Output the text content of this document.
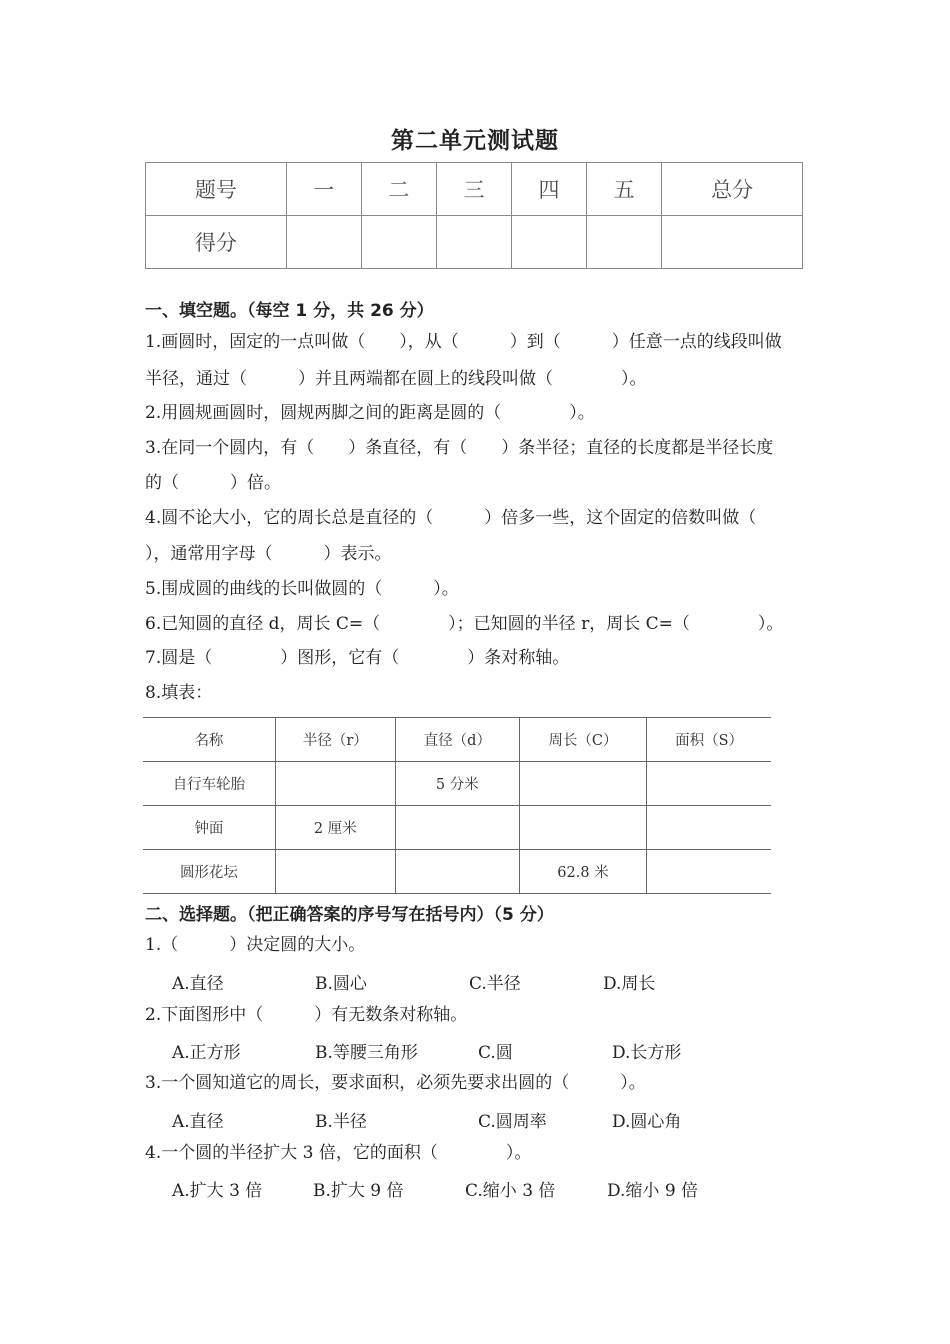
第二单元测试题
题号	一	二	三	四	五	总分
得分						
一、填空题。（每空 1 分，共 26 分）
1.画圆时，固定的一点叫做（　　），从（　　　）到（　　　）任意一点的线段叫做
半径，通过（　　　）并且两端都在圆上的线段叫做（　　　　）。
2.用圆规画圆时，圆规两脚之间的距离是圆的（　　　　）。
3.在同一个圆内，有（　　）条直径，有（　　）条半径；直径的长度都是半径长度
的（　　　）倍。
4.圆不论大小，它的周长总是直径的（　　　）倍多一些，这个固定的倍数叫做（
），通常用字母（　　　）表示。
5.围成圆的曲线的长叫做圆的（　　　）。
6.已知圆的直径 d，周长 C=（　　　　）；已知圆的半径 r，周长 C=（　　　　）。
7.圆是（　　　　）图形，它有（　　　　）条对称轴。
8.填表：
名称	半径（r）	直径（d）	周长（C）	面积（S）
自行车轮胎		5 分米		
钟面	2 厘米			
圆形花坛			62.8 米	
二、选择题。（把正确答案的序号写在括号内）（5 分）
1.（　　　）决定圆的大小。
A.直径	B.圆心	C.半径	D.周长
2.下面图形中（　　　）有无数条对称轴。
A.正方形	B.等腰三角形	C.圆	D.长方形
3.一个圆知道它的周长，要求面积，必须先要求出圆的（　　　）。
A.直径	B.半径	C.圆周率	D.圆心角
4.一个圆的半径扩大 3 倍，它的面积（　　　　）。
A.扩大 3 倍	B.扩大 9 倍	C.缩小 3 倍	D.缩小 9 倍
